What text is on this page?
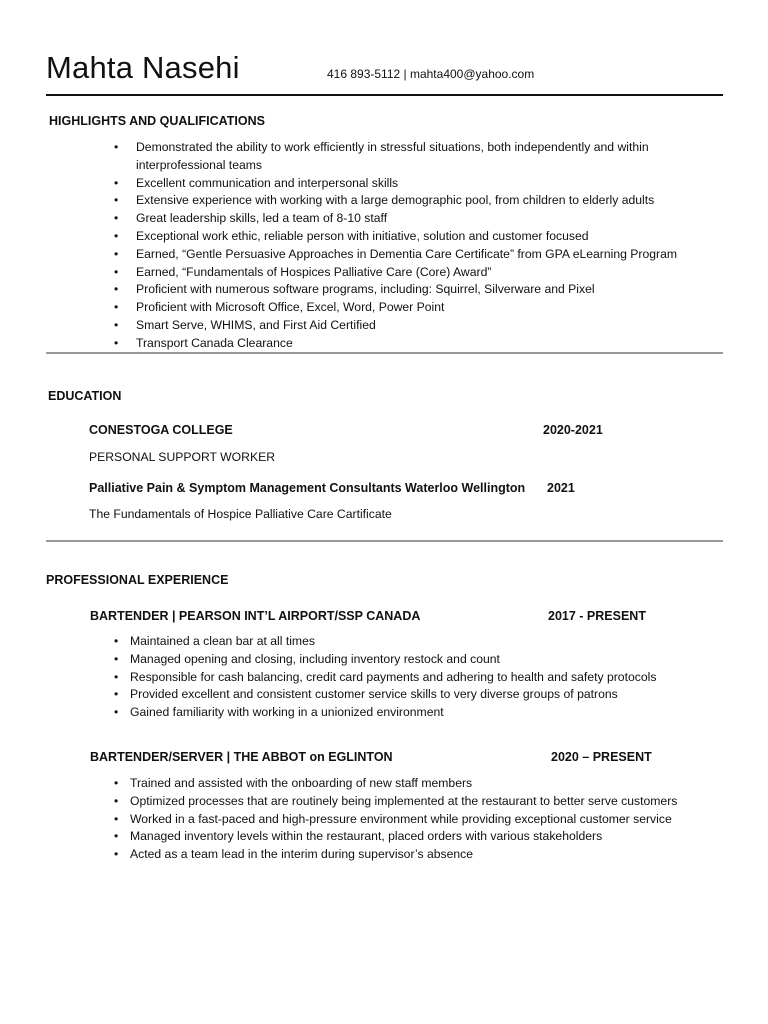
Mahta Nasehi	416 893-5112 | mahta400@yahoo.com
HIGHLIGHTS AND QUALIFICATIONS
• Demonstrated the ability to work efficiently in stressful situations, both independently and within interprofessional teams
• Excellent communication and interpersonal skills
• Extensive experience with working with a large demographic pool, from children to elderly adults
• Great leadership skills, led a team of 8-10 staff
• Exceptional work ethic, reliable person with initiative, solution and customer focused
• Earned, “Gentle Persuasive Approaches in Dementia Care Certificate” from GPA eLearning Program
• Earned, “Fundamentals of Hospices Palliative Care (Core) Award”
• Proficient with numerous software programs, including: Squirrel, Silverware and Pixel
• Proficient with Microsoft Office, Excel, Word, Power Point
• Smart Serve, WHIMS, and First Aid Certified
• Transport Canada Clearance
EDUCATION
CONESTOGA COLLEGE	2020-2021
PERSONAL SUPPORT WORKER
Palliative Pain & Symptom Management Consultants Waterloo Wellington 2021
The Fundamentals of Hospice Palliative Care Cartificate
PROFESSIONAL EXPERIENCE
BARTENDER | PEARSON INT’L AIRPORT/SSP CANADA	2017 - PRESENT
• Maintained a clean bar at all times
• Managed opening and closing, including inventory restock and count
• Responsible for cash balancing, credit card payments and adhering to health and safety protocols
• Provided excellent and consistent customer service skills to very diverse groups of patrons
• Gained familiarity with working in a unionized environment
BARTENDER/SERVER | THE ABBOT on EGLINTON	2020 – PRESENT
• Trained and assisted with the onboarding of new staff members
• Optimized processes that are routinely being implemented at the restaurant to better serve customers
• Worked in a fast-paced and high-pressure environment while providing exceptional customer service
• Managed inventory levels within the restaurant, placed orders with various stakeholders
• Acted as a team lead in the interim during supervisor’s absence
